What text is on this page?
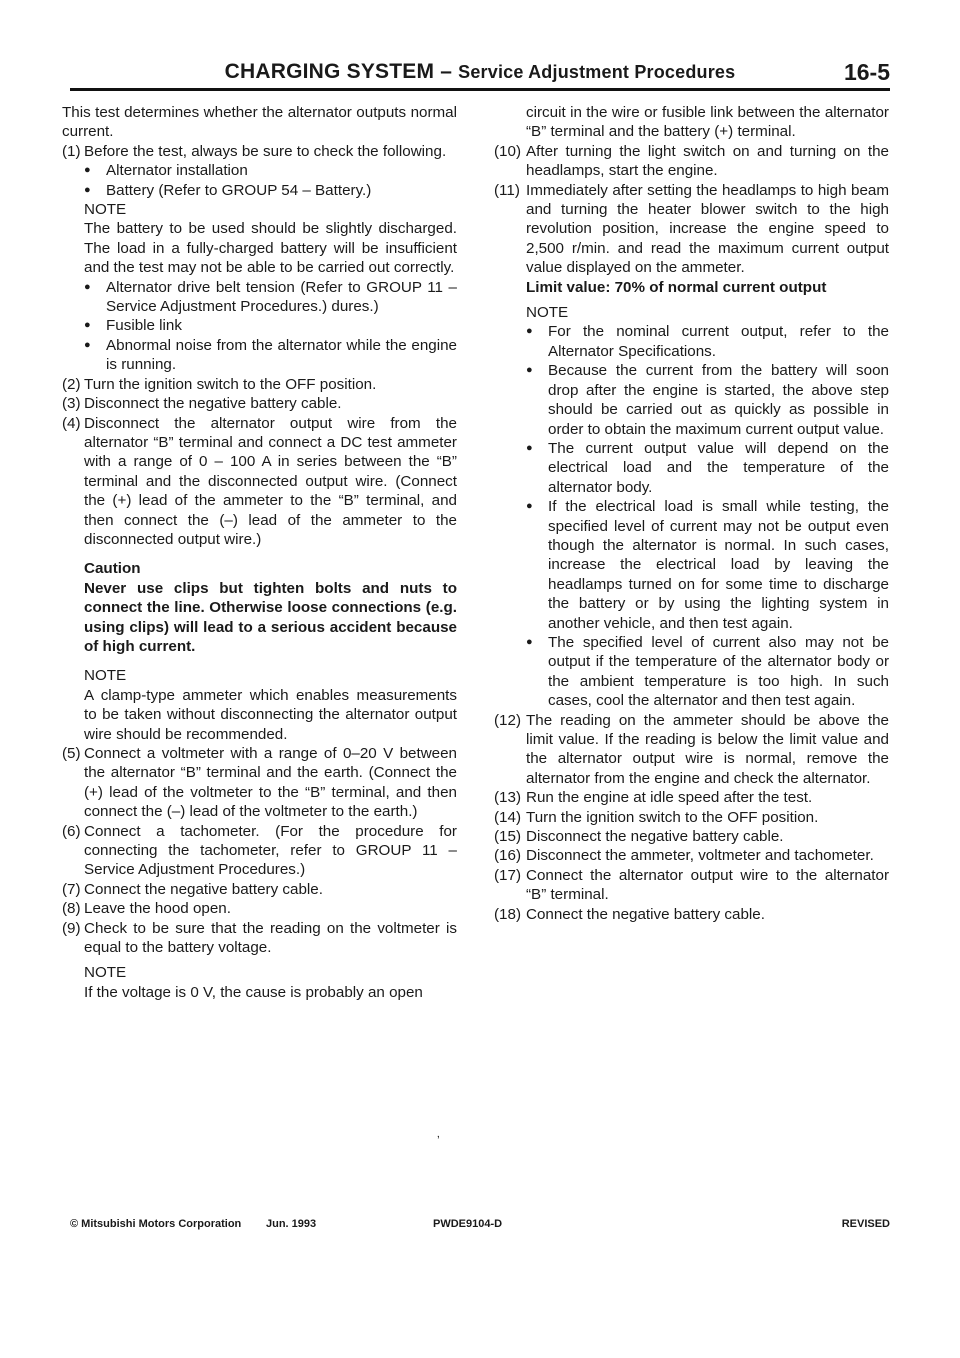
CHARGING SYSTEM – Service Adjustment Procedures	16-5

This test determines whether the alternator outputs normal current.

(1) Before the test, always be sure to check the following.
●	Alternator installation
●	Battery (Refer to GROUP 54 – Battery.)

NOTE

The battery to be used should be slightly discharged. The load in a fully-charged battery will be insufficient and the test may not be able to be carried out correctly.

●	Alternator drive belt tension (Refer to GROUP 11 – Service Adjustment Procedures.) dures.)
●	Fusible link
●	Abnormal noise from the alternator while the engine is running.
(2) Turn the ignition switch to the OFF position.
(3) Disconnect the negative battery cable.
(4) Disconnect the alternator output wire from the alternator “B” terminal and connect a DC test ammeter with a range of 0 – 100 A in series between the “B” terminal and the disconnected output wire. (Connect the (+) lead of the ammeter to the “B” terminal, and then connect the (–) lead of the ammeter to the disconnected output wire.)

Caution

Never use clips but tighten bolts and nuts to connect the line. Otherwise loose connections (e.g. using clips) will lead to a serious accident because of high current.

NOTE

A clamp-type ammeter which enables measurements to be taken without disconnecting the alternator output wire should be recommended.

(5) Connect a voltmeter with a range of 0–20 V between the alternator “B” terminal and the earth. (Connect the (+) lead of the voltmeter to the “B” terminal, and then connect the (–) lead of the voltmeter to the earth.)
(6) Connect a tachometer. (For the procedure for connecting the tachometer, refer to GROUP 11 – Service Adjustment Procedures.)
(7) Connect the negative battery cable.
(8) Leave the hood open.
(9) Check to be sure that the reading on the voltmeter is equal to the battery voltage.

NOTE

If the voltage is 0 V, the cause is probably an open

circuit in the wire or fusible link between the alternator “B” terminal and the battery (+) terminal.

(10) After turning the light switch on and turning on the headlamps, start the engine.
(11) Immediately after setting the headlamps to high beam and turning the heater blower switch to the high revolution position, increase the engine speed to 2,500 r/min. and read the maximum current output value displayed on the ammeter.

Limit value: 70% of normal current output

NOTE

●	For the nominal current output, refer to the Alternator Specifications.
●	Because the current from the battery will soon drop after the engine is started, the above step should be carried out as quickly as possible in order to obtain the maximum current output value.
●	The current output value will depend on the electrical load and the temperature of the alternator body.
●	If the electrical load is small while testing, the specified level of current may not be output even though the alternator is normal. In such cases, increase the electrical load by leaving the headlamps turned on for some time to discharge the battery or by using the lighting system in another vehicle, and then test again.
●	The specified level of current also may not be output if the temperature of the alternator body or the ambient temperature is too high. In such cases, cool the alternator and then test again.
(12) The reading on the ammeter should be above the limit value. If the reading is below the limit value and the alternator output wire is normal, remove the alternator from the engine and check the alternator.
(13) Run the engine at idle speed after the test.
(14) Turn the ignition switch to the OFF position.
(15) Disconnect the negative battery cable.
(16) Disconnect the ammeter, voltmeter and tachometer.
(17) Connect the alternator output wire to the alternator “B” terminal.
(18) Connect the negative battery cable.
‚
© Mitsubishi Motors Corporation Jun. 1993	PWDE9104-D	REVISED
